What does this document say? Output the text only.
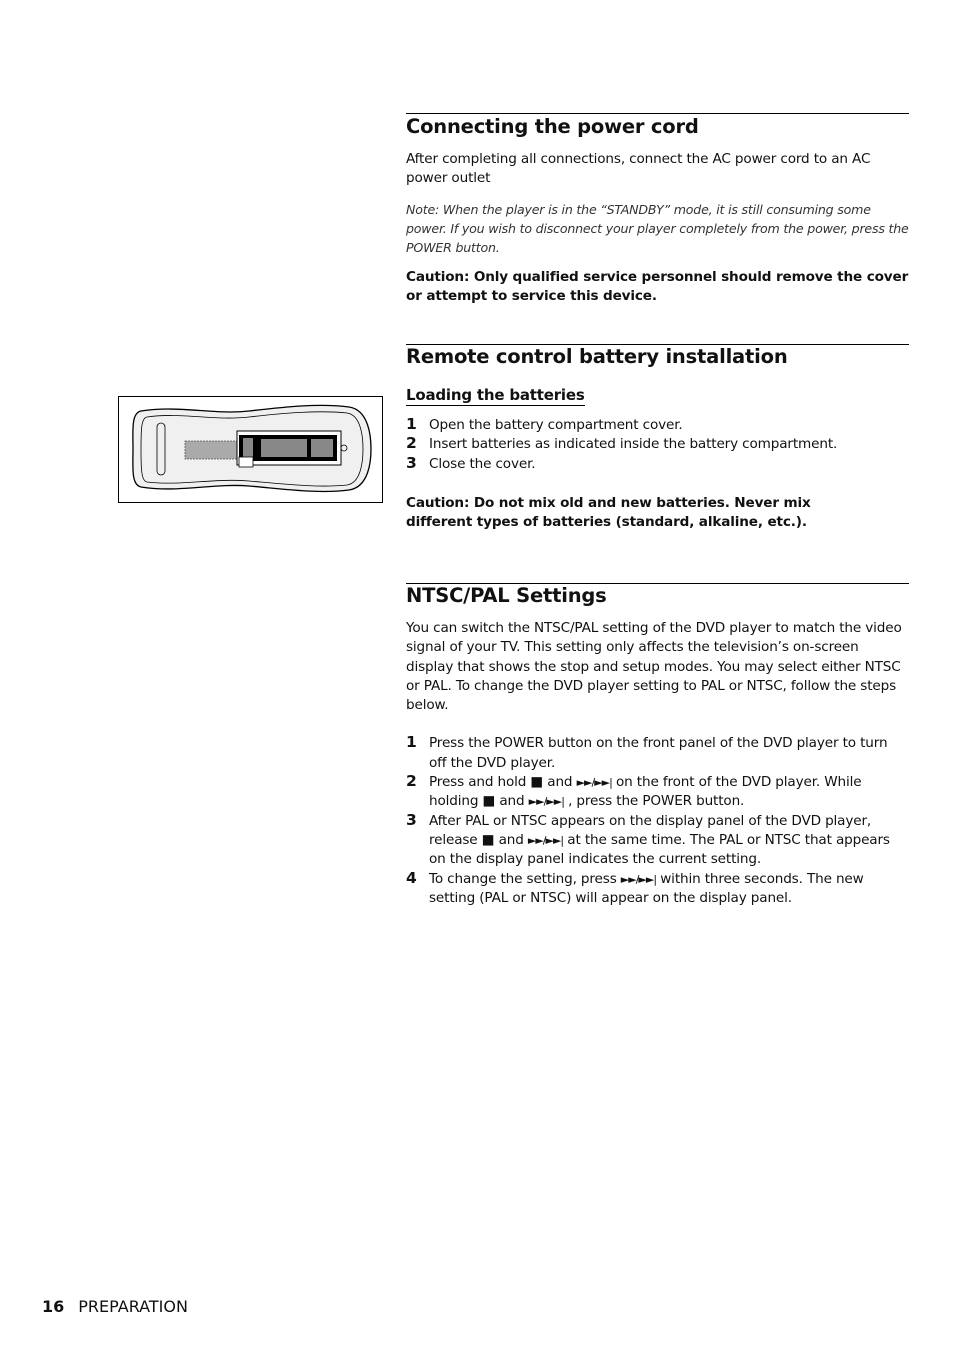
Connecting the power cord

After completing all connections, connect the AC power cord to an AC power outlet

Note: When the player is in the “STANDBY” mode, it is still consuming some power. If you wish to disconnect your player completely from the power, press the POWER button.

Caution: Only qualified service personnel should remove the cover or attempt to service this device.

Remote control battery installation
Loading the batteries
1 Open the battery compartment cover.
2 Insert batteries as indicated inside the battery compartment.
3 Close the cover.

Caution: Do not mix old and new batteries. Never mix different types of batteries (standard, alkaline, etc.).

NTSC/PAL Settings

You can switch the NTSC/PAL setting of the DVD player to match the video signal of your TV. This setting only affects the television’s on-screen display that shows the stop and setup modes. You may select either NTSC or PAL. To change the DVD player setting to PAL or NTSC, follow the steps below.

1 Press the POWER button on the front panel of the DVD player to turn off the DVD player.
2 Press and hold ■ and ►►/►►| on the front of the DVD player. While holding ■ and ►►/►►| , press the POWER button.
3 After PAL or NTSC appears on the display panel of the DVD player, release ■ and ►►/►►| at the same time. The PAL or NTSC that appears on the display panel indicates the current setting.
4 To change the setting, press ►►/►►| within three seconds. The new setting (PAL or NTSC) will appear on the display panel.
16 PREPARATION
